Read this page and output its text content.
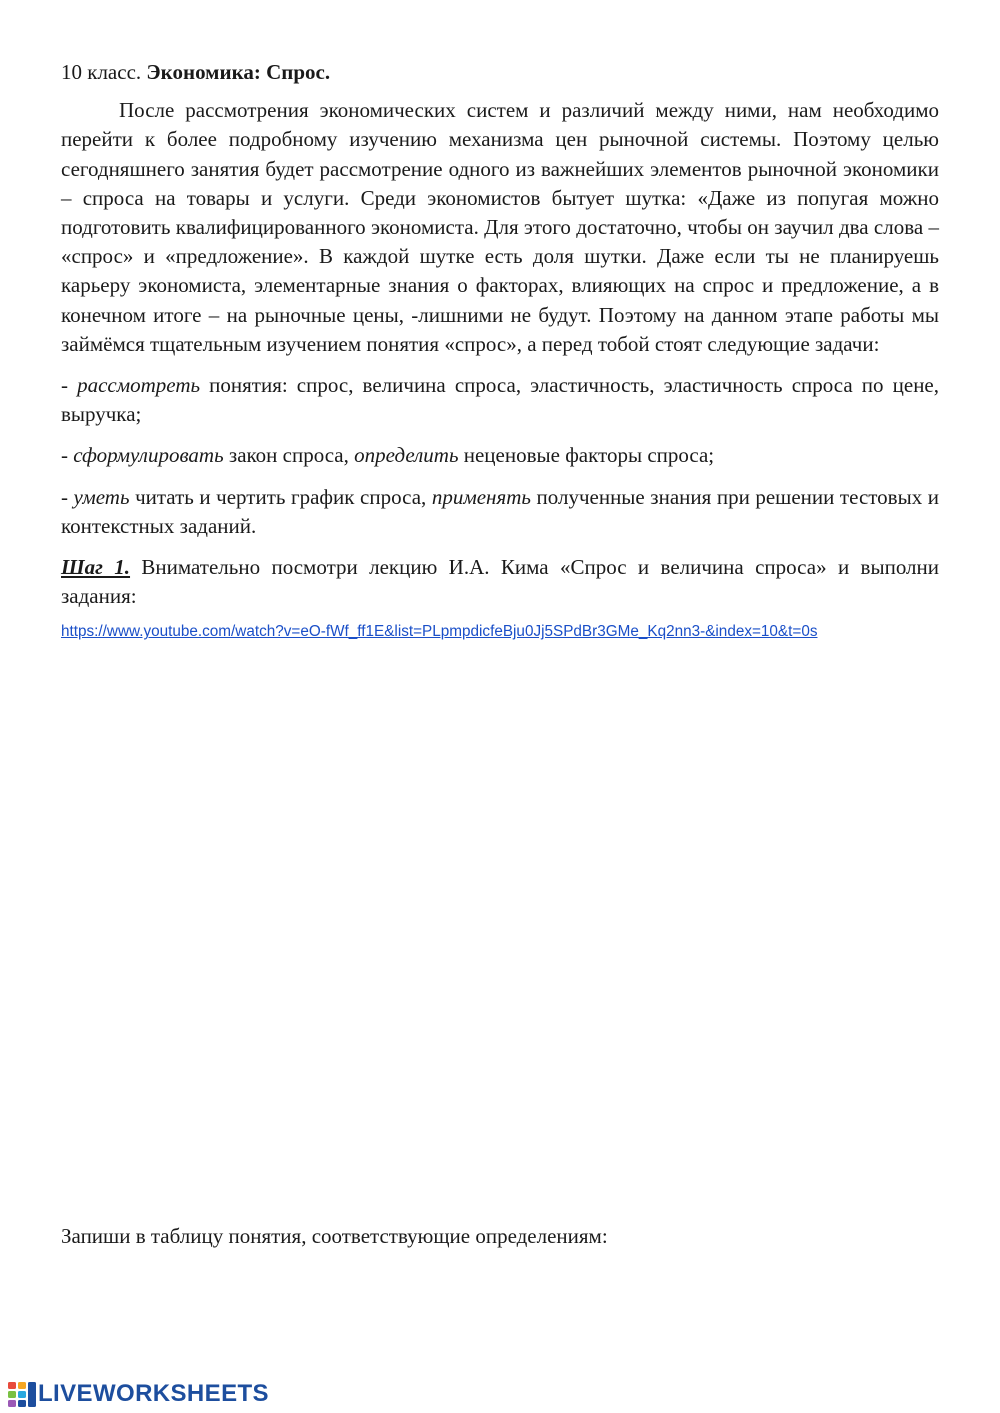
10 класс. Экономика: Спрос.

После рассмотрения экономических систем и различий между ними, нам необходимо перейти к более подробному изучению механизма цен рыночной системы. Поэтому целью сегодняшнего занятия будет рассмотрение одного из важнейших элементов рыночной экономики – спроса на товары и услуги. Среди экономистов бытует шутка: «Даже из попугая можно подготовить квалифицированного экономиста. Для этого достаточно, чтобы он заучил два слова – «спрос» и «предложение». В каждой шутке есть доля шутки. Даже если ты не планируешь карьеру экономиста, элементарные знания о факторах, влияющих на спрос и предложение, а в конечном итоге – на рыночные цены, -лишними не будут. Поэтому на данном этапе работы мы займёмся тщательным изучением понятия «спрос», а перед тобой стоят следующие задачи:

- рассмотреть понятия: спрос, величина спроса, эластичность, эластичность спроса по цене, выручка;

- сформулировать закон спроса, определить неценовые факторы спроса;

- уметь читать и чертить график спроса, применять полученные знания при решении тестовых и контекстных заданий.

Шаг 1. Внимательно посмотри лекцию И.А. Кима «Спрос и величина спроса» и выполни задания:

https://www.youtube.com/watch?v=eO-fWf_ff1E&list=PLpmpdicfeBju0Jj5SPdBr3GMe_Kq2nn3-&index=10&t=0s

Запиши в таблицу понятия, соответствующие определениям:

LIVEWORKSHEETS
